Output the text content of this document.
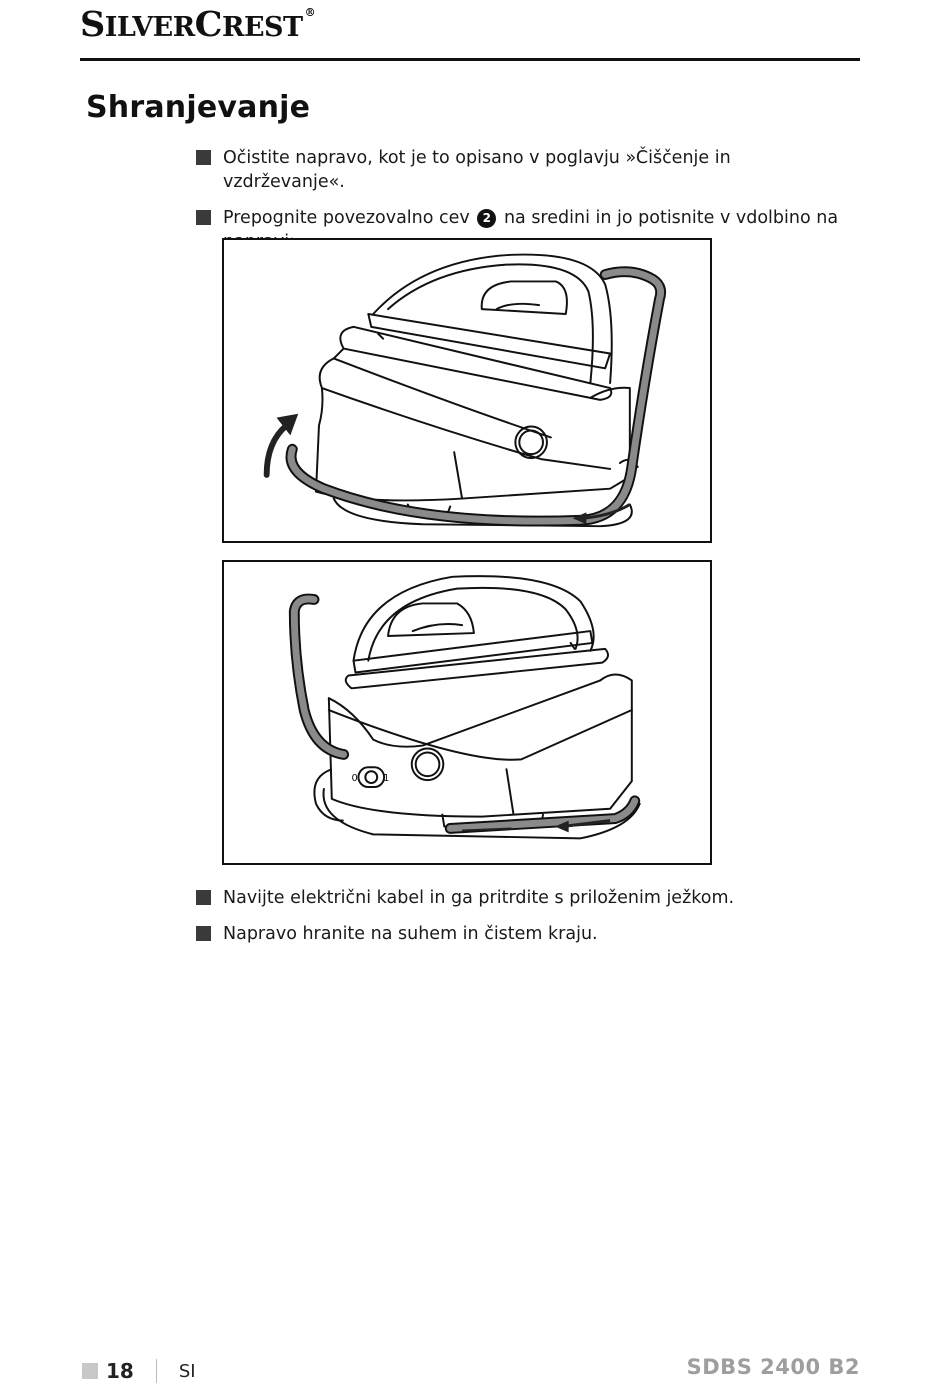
S ILVER C REST ®
Shranjevanje
Očistite napravo, kot je to opisano v poglavju »Čiščenje in vzdrževanje«.
Prepognite povezovalno cev 2 na sredini in jo potisnite v vdolbino na
0	1
Navijte električni kabel in ga pritrdite s priloženim ježkom.
Napravo hranite na suhem in čistem kraju.
18	SI	SDBS 2400 B2
